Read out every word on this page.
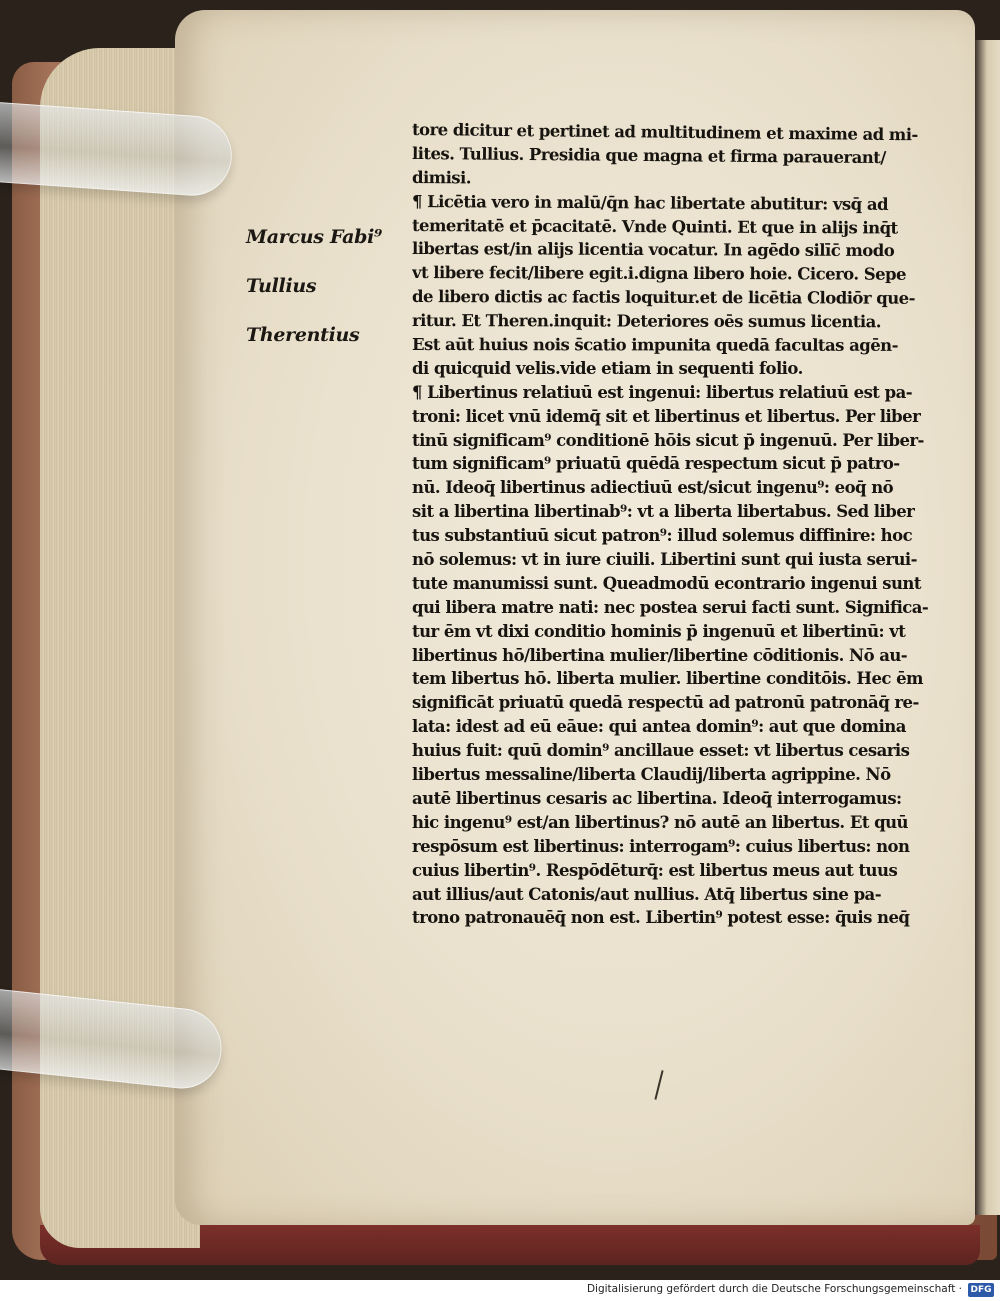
Marcus Fabi⁹
Tullius
Therentius
tore dicitur et pertinet ad multitudinem et maxime ad mi-
lites. Tullius. Presidia que magna et firma parauerant/
dimisi.
¶ Licētia vero in malū/q̄n hac libertate abutitur: vsq̄ ad
temeritatē et p̄cacitatē. Vnde Quinti. Et que in alijs inq̄t
libertas est/in alijs licentia vocatur. In agēdo silīc̄ modo
vt libere fecit/libere egit.i.digna libero hoie. Cicero. Sepe
de libero dictis ac factis loquitur.et de licētia Clodiōr que-
ritur. Et Theren.inquit: Deteriores oēs sumus licentia.
Est aūt huius nois s̄catio impunita quedā facultas agēn-
di quicquid velis.vide etiam in sequenti folio.
¶ Libertinus relatiuū est ingenui: libertus relatiuū est pa-
troni: licet vnū idemq̄ sit et libertinus et libertus. Per liber
tinū significam⁹ conditionē hōis sicut p̄ ingenuū. Per liber-
tum significam⁹ priuatū quēdā respectum sicut p̄ patro-
nū. Ideoq̄ libertinus adiectiuū est/sicut ingenu⁹: eoq̄ nō
sit a libertina libertinab⁹: vt a liberta libertabus. Sed liber
tus substantiuū sicut patron⁹: illud solemus diffinire: hoc
nō solemus: vt in iure ciuili. Libertini sunt qui iusta serui-
tute manumissi sunt. Queadmodū econtrario ingenui sunt
qui libera matre nati: nec postea serui facti sunt. Significa-
tur ēm vt dixi conditio hominis p̄ ingenuū et libertinū: vt
libertinus hō/libertina mulier/libertine cōditionis. Nō au-
tem libertus hō. liberta mulier. libertine conditōis. Hec ēm
significāt priuatū quedā respectū ad patronū patronāq̄ re-
lata: idest ad eū eāue: qui antea domin⁹: aut que domina
huius fuit: quū domin⁹ ancillaue esset: vt libertus cesaris
libertus messaline/liberta Claudij/liberta agrippine. Nō
autē libertinus cesaris ac libertina. Ideoq̄ interrogamus:
hic ingenu⁹ est/an libertinus? nō autē an libertus. Et quū
respōsum est libertinus: interrogam⁹: cuius libertus: non
cuius libertin⁹. Respōdēturq̄: est libertus meus aut tuus
aut illius/aut Catonis/aut nullius. Atq̄ libertus sine pa-
trono patronauēq̄ non est. Libertin⁹ potest esse: q̄uis neq̄
Digitalisierung gefördert durch die Deutsche Forschungsgemeinschaft · DFG
